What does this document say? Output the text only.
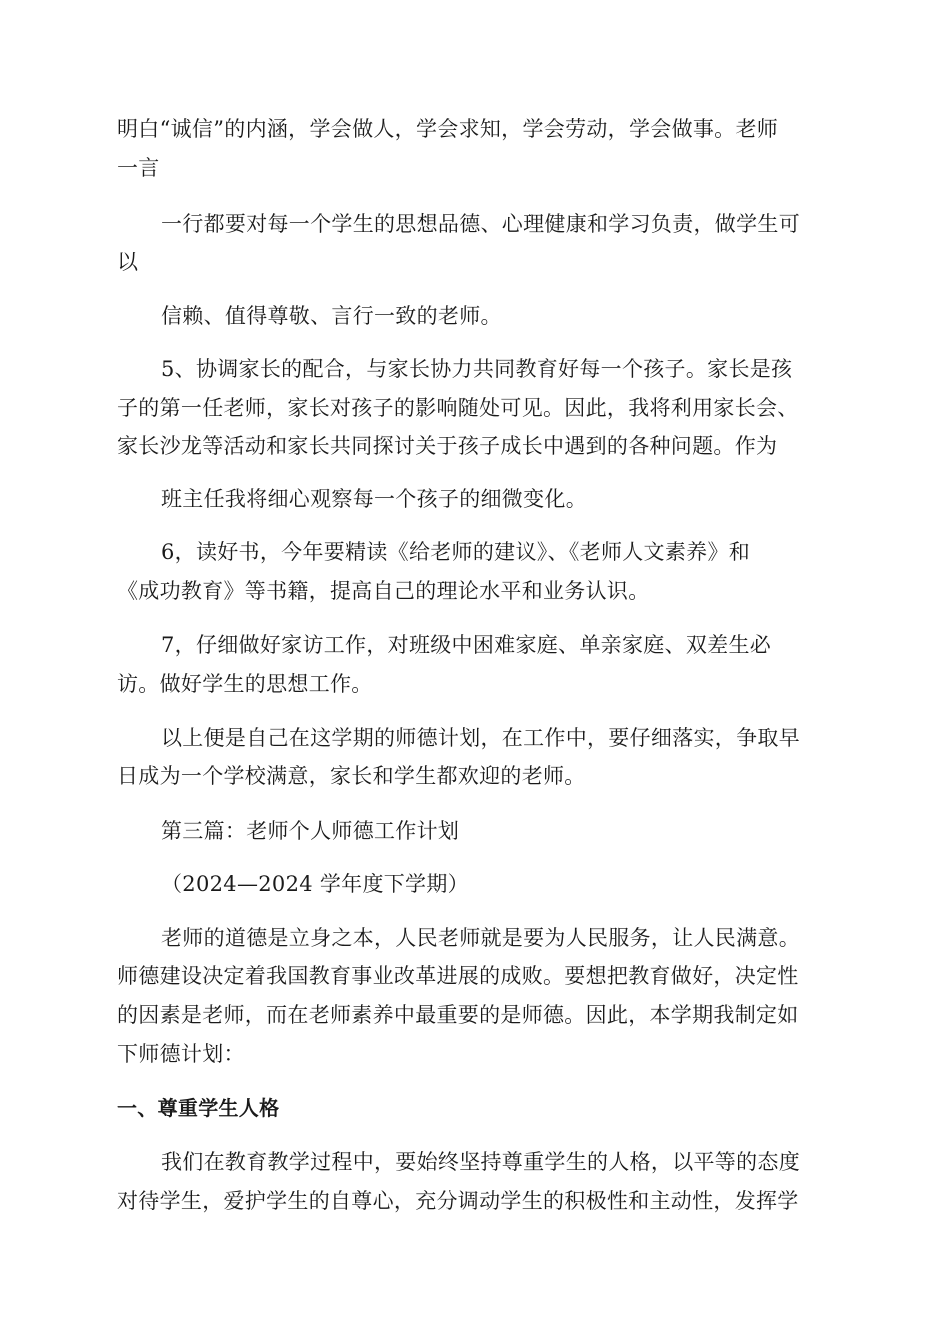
明白“诚信”的内涵，学会做人，学会求知，学会劳动，学会做事。老师
一言
一行都要对每一个学生的思想品德、心理健康和学习负责，做学生可
以
信赖、值得尊敬、言行一致的老师。
5、协调家长的配合，与家长协力共同教育好每一个孩子。家长是孩
子的第一任老师，家长对孩子的影响随处可见。因此，我将利用家长会、
家长沙龙等活动和家长共同探讨关于孩子成长中遇到的各种问题。作为
班主任我将细心观察每一个孩子的细微变化。
6，读好书，今年要精读《给老师的建议》、《老师人文素养》和
《成功教育》等书籍，提高自己的理论水平和业务认识。
7，仔细做好家访工作，对班级中困难家庭、单亲家庭、双差生必
访。做好学生的思想工作。
以上便是自己在这学期的师德计划，在工作中，要仔细落实，争取早
日成为一个学校满意，家长和学生都欢迎的老师。
第三篇：老师个人师德工作计划
（2024—2024 学年度下学期）
老师的道德是立身之本，人民老师就是要为人民服务，让人民满意。
师德建设决定着我国教育事业改革进展的成败。要想把教育做好，决定性
的因素是老师，而在老师素养中最重要的是师德。因此，本学期我制定如
下师德计划：
一、尊重学生人格
我们在教育教学过程中，要始终坚持尊重学生的人格，以平等的态度
对待学生，爱护学生的自尊心，充分调动学生的积极性和主动性，发挥学
